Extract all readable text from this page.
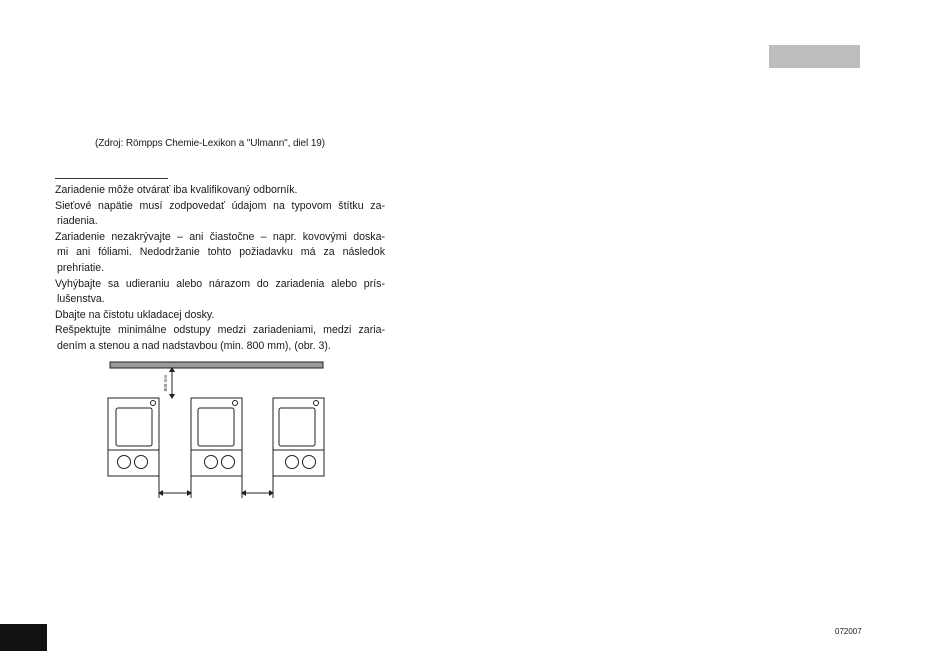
(Zdroj: Römpps Chemie-Lexikon a "Ulmann", diel 19)
Zariadenie môže otvárať iba kvalifikovaný odborník.
Sieťové napätie musí zodpovedať údajom na typovom štítku za-
riadenia.
Zariadenie nezakrývajte – ani čiastočne – napr. kovovými doska-
mi ani fóliami. Nedodržanie tohto požiadavku má za následok
prehriatie.
Vyhýbajte sa udieraniu alebo nárazom do zariadenia alebo prís-
lušenstva.
Dbajte na čistotu ukladacej dosky.
Rešpektujte minimálne odstupy medzi zariadeniami, medzi zaria-
dením a stenou a nad nadstavbou (min. 800 mm), (obr. 3).
800 mm
072007
